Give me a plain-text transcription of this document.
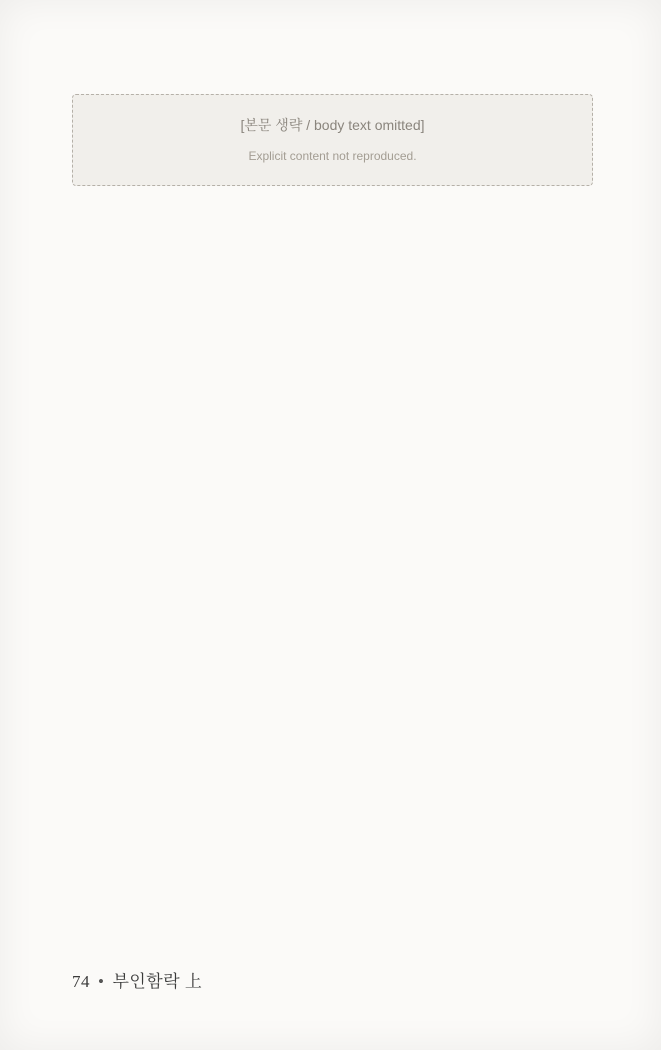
[본문 생략 / body text omitted]
Explicit content not reproduced.
74 • 부인함락 上
